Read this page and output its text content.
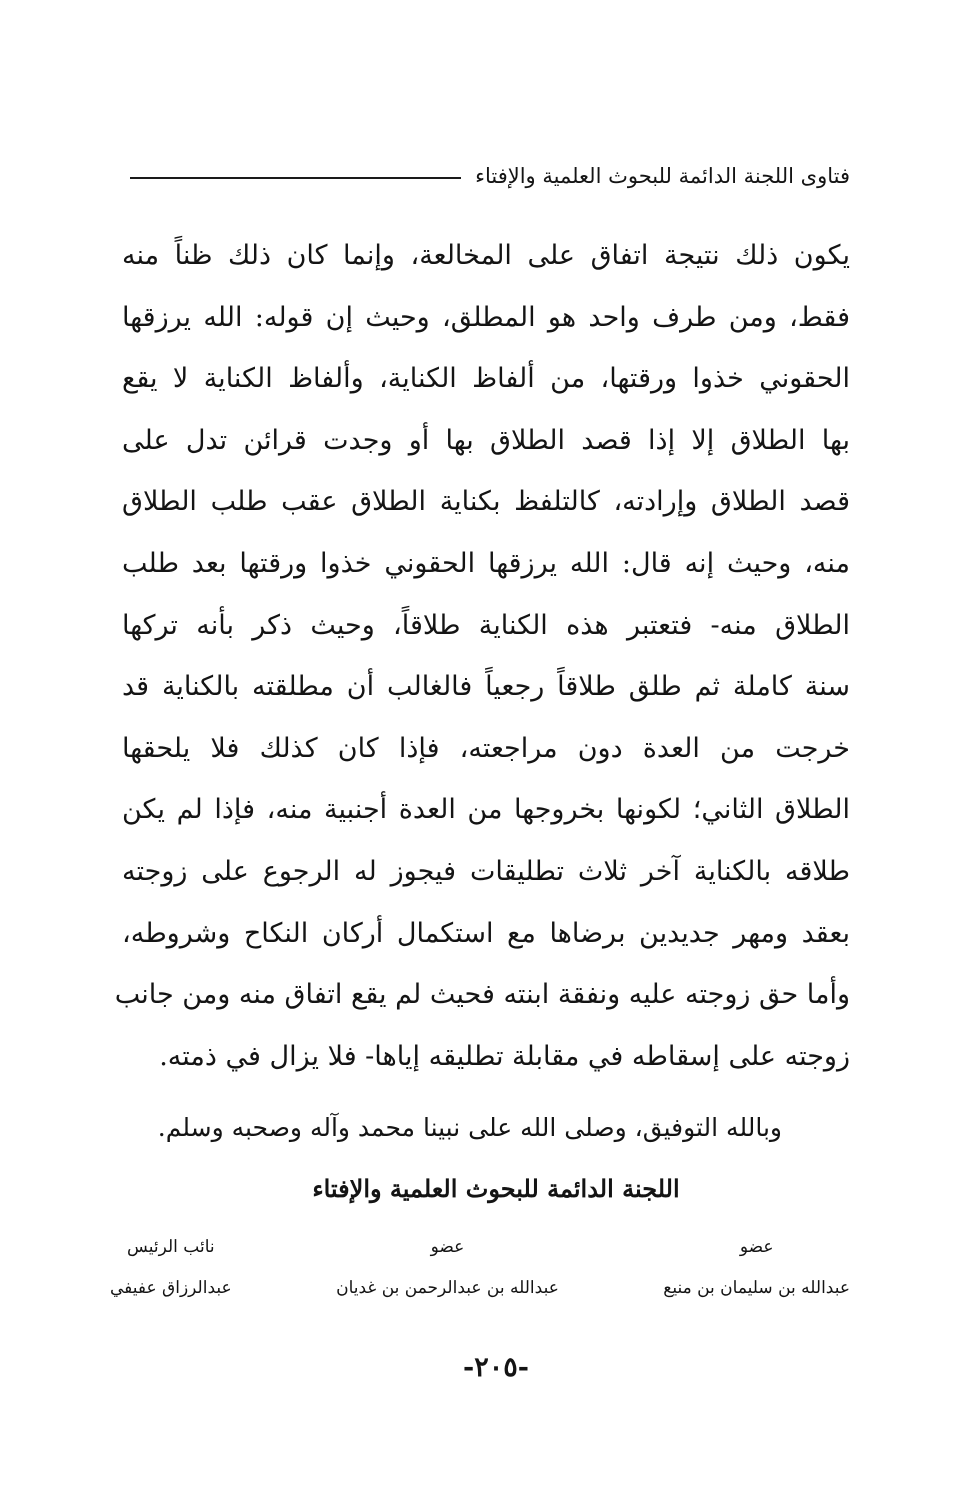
فتاوى اللجنة الدائمة للبحوث العلمية والإفتاء
يكون ذلك نتيجة اتفاق على المخالعة، وإنما كان ذلك ظناً منه
فقط، ومن طرف واحد هو المطلق، وحيث إن قوله: الله يرزقها
الحقوني خذوا ورقتها، من ألفاظ الكناية، وألفاظ الكناية لا يقع
بها الطلاق إلا إذا قصد الطلاق بها أو وجدت قرائن تدل على
قصد الطلاق وإرادته، كالتلفظ بكناية الطلاق عقب طلب الطلاق
منه، وحيث إنه قال: الله يرزقها الحقوني خذوا ورقتها بعد طلب
الطلاق منه- فتعتبر هذه الكناية طلاقاً، وحيث ذكر بأنه تركها
سنة كاملة ثم طلق طلاقاً رجعياً فالغالب أن مطلقته بالكناية قد
خرجت من العدة دون مراجعته، فإذا كان كذلك فلا يلحقها
الطلاق الثاني؛ لكونها بخروجها من العدة أجنبية منه، فإذا لم يكن
طلاقه بالكناية آخر ثلاث تطليقات فيجوز له الرجوع على زوجته
بعقد ومهر جديدين برضاها مع استكمال أركان النكاح وشروطه،
وأما حق زوجته عليه ونفقة ابنته فحيث لم يقع اتفاق منه ومن جانب
زوجته على إسقاطه في مقابلة تطليقه إياها- فلا يزال في ذمته.
وبالله التوفيق، وصلى الله على نبينا محمد وآله وصحبه وسلم.
اللجنة الدائمة للبحوث العلمية والإفتاء
عضو
عبدالله بن سليمان بن منيع
عضو
عبدالله بن عبدالرحمن بن غديان
نائب الرئيس
عبدالرزاق عفيفي
-٢٠٥-
